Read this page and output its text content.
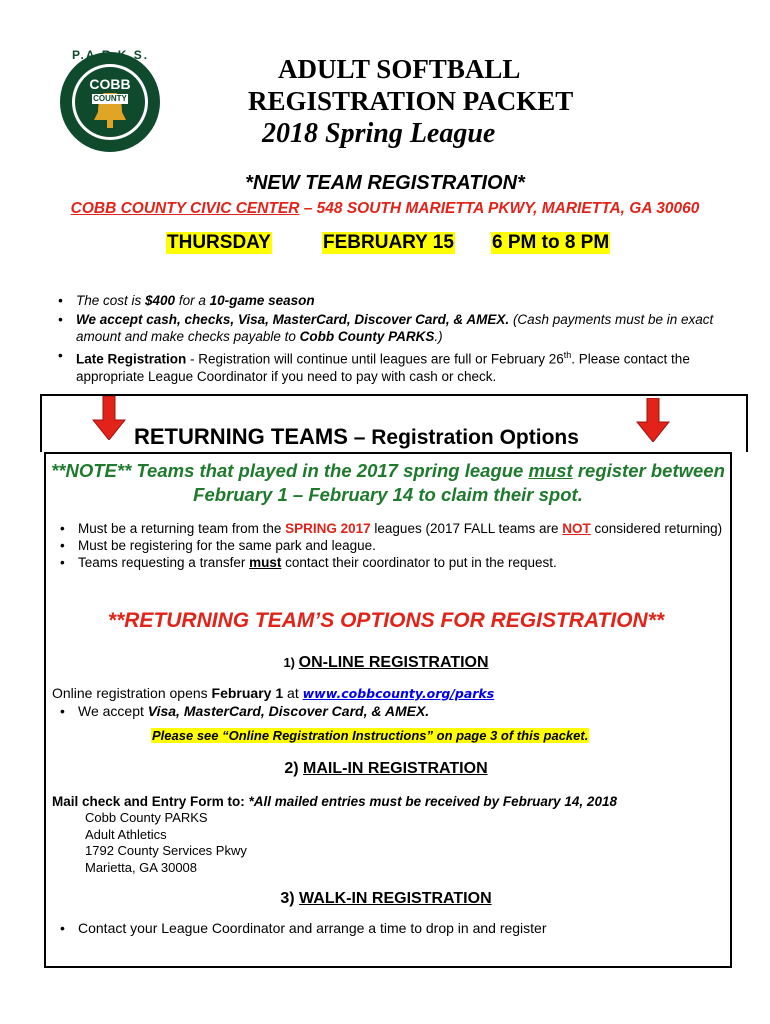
P.A.R.K.S.
COBB
COUNTY
ADULT SOFTBALL
REGISTRATION PACKET
2018 Spring League
*NEW TEAM REGISTRATION*
COBB COUNTY CIVIC CENTER – 548 SOUTH MARIETTA PKWY, MARIETTA, GA 30060
THURSDAY	FEBRUARY 15 6 PM to 8 PM
• The cost is $400 for a 10-game season
• We accept cash, checks, Visa, MasterCard, Discover Card, & AMEX. (Cash payments must be in exact amount and make checks payable to Cobb County PARKS.)
• Late Registration - Registration will continue until leagues are full or February 26th. Please contact the appropriate League Coordinator if you need to pay with cash or check.
RETURNING TEAMS – Registration Options
**NOTE** Teams that played in the 2017 spring league must register between February 1 – February 14 to claim their spot.
• Must be a returning team from the SPRING 2017 leagues (2017 FALL teams are NOT considered returning)
• Must be registering for the same park and league.
• Teams requesting a transfer must contact their coordinator to put in the request.
**RETURNING TEAM’S OPTIONS FOR REGISTRATION**
1) ON-LINE REGISTRATION
Online registration opens February 1 at www.cobbcounty.org/parks
• We accept Visa, MasterCard, Discover Card, & AMEX.
Please see “Online Registration Instructions” on page 3 of this packet.
2) MAIL-IN REGISTRATION
Mail check and Entry Form to: *All mailed entries must be received by February 14, 2018
Cobb County PARKS
Adult Athletics
1792 County Services Pkwy
Marietta, GA 30008
3) WALK-IN REGISTRATION
• Contact your League Coordinator and arrange a time to drop in and register
